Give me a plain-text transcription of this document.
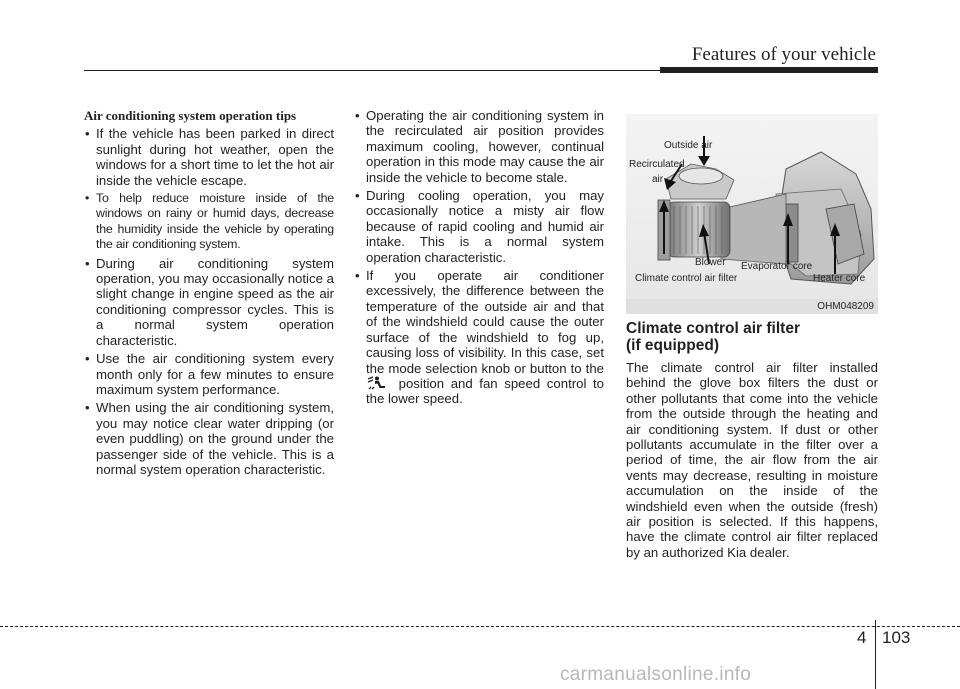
Features of your vehicle
Air conditioning system operation tips
• If the vehicle has been parked in direct sunlight during hot weather, open the windows for a short time to let the hot air inside the vehicle escape.
• To help reduce moisture inside of the windows on rainy or humid days, decrease the humidity inside the vehicle by operating the air conditioning system.
• During air conditioning system operation, you may occasionally notice a slight change in engine speed as the air conditioning compressor cycles. This is a normal system operation characteristic.
• Use the air conditioning system every month only for a few minutes to ensure maximum system performance.
• When using the air conditioning system, you may notice clear water dripping (or even puddling) on the ground under the passenger side of the vehicle. This is a normal system operation characteristic.
• Operating the air conditioning system in the recirculated air position provides maximum cooling, however, continual operation in this mode may cause the air inside the vehicle to become stale.
• During cooling operation, you may occasionally notice a misty air flow because of rapid cooling and humid air intake. This is a normal system operation characteristic.
• If you operate air conditioner excessively, the difference between the temperature of the outside air and that of the windshield could cause the outer surface of the windshield to fog up, causing loss of visibility. In this case, set the mode selection knob or button to the  position and fan speed control to the lower speed.
Outside air
Recirculated
air
Blower Evaporator core
Climate control air filter	Heater core
OHM048209
Climate control air filter
(if equipped)

The climate control air filter installed behind the glove box filters the dust or other pollutants that come into the vehicle from the outside through the heating and air conditioning system. If dust or other pollutants accumulate in the filter over a period of time, the air flow from the air vents may decrease, resulting in moisture accumulation on the inside of the windshield even when the outside (fresh) air position is selected. If this happens, have the climate control air filter replaced by an authorized Kia dealer.

4 103
carmanualsonline.info
